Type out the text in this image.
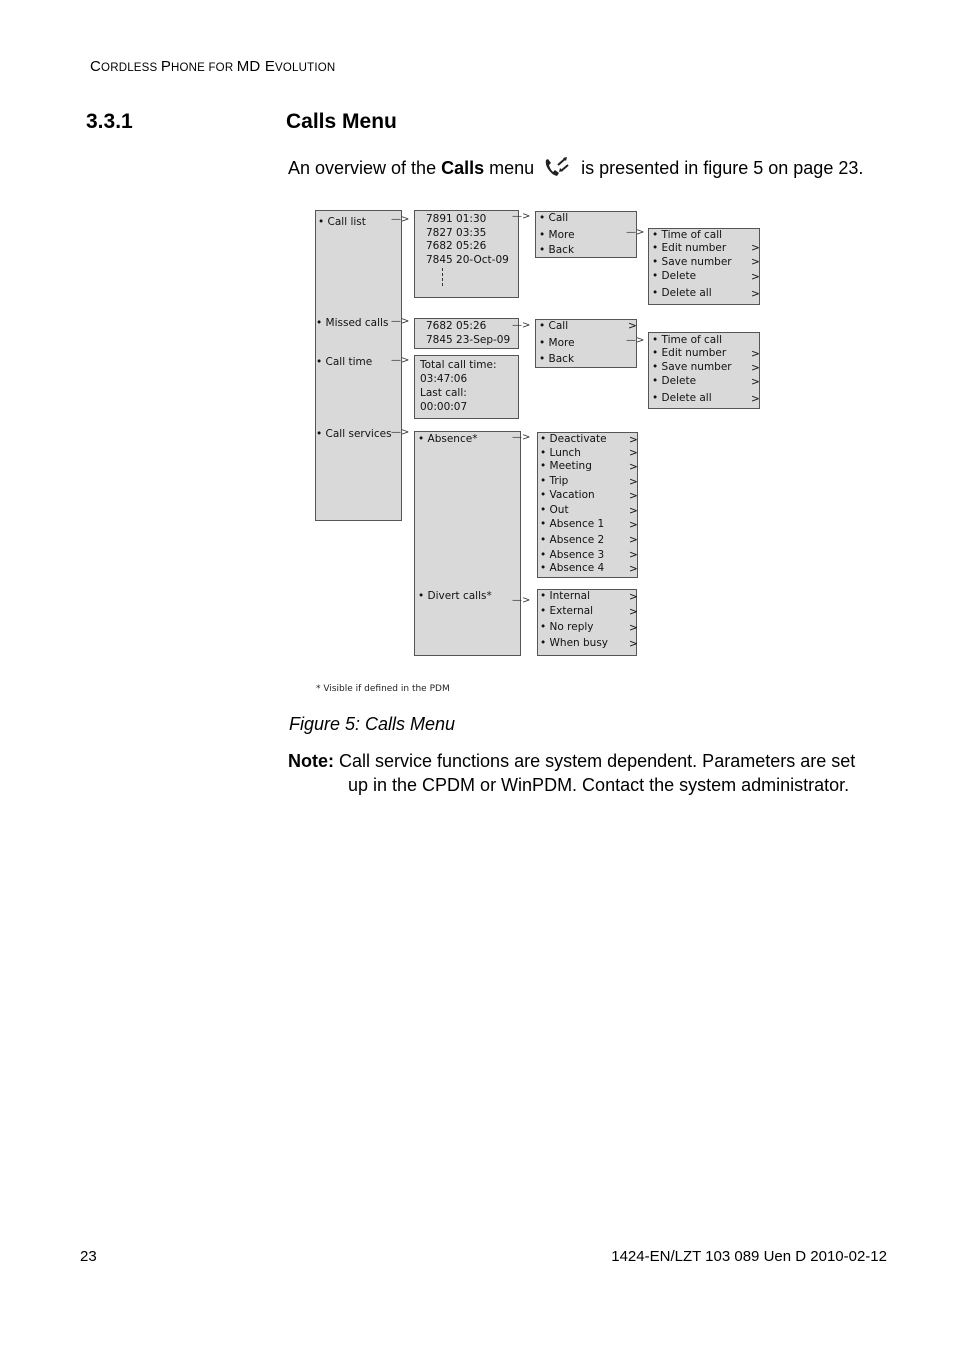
CORDLESS PHONE FOR MD EVOLUTION
3.3.1	Calls Menu
An overview of the Calls menu is presented in figure 5 on page 23.
• Call list
• Missed calls
• Call time
• Call services
—>
—>
—>
—>
7891 01:30
7827 03:35
7682 05:26
7845 20-Oct-09
—> • Call
• More
• Back
—> • Time of call
• Edit number
• Save number
• Delete
• Delete all
>
>
>
>
7682 05:26
7845 23-Sep-09
—> • Call
• More
• Back
>
—> • Time of call
• Edit number
• Save number
• Delete
• Delete all
>
>
>
>
Total call time:
03:47:06
Last call:
00:00:07
• Absence*
• Divert calls*
—>
—>
• Deactivate
• Lunch
• Meeting
• Trip
• Vacation
• Out
• Absence 1
• Absence 2
• Absence 3
• Absence 4
>
>
>
>
>
>
>
>
>
>
• Internal
• External
• No reply
• When busy
>
>
>
>
* Visible if defined in the PDM
Figure 5: Calls Menu
Note: Call service functions are system dependent. Parameters are set
up in the CPDM or WinPDM. Contact the system administrator.
23	1424-EN/LZT 103 089 Uen D 2010-02-12
